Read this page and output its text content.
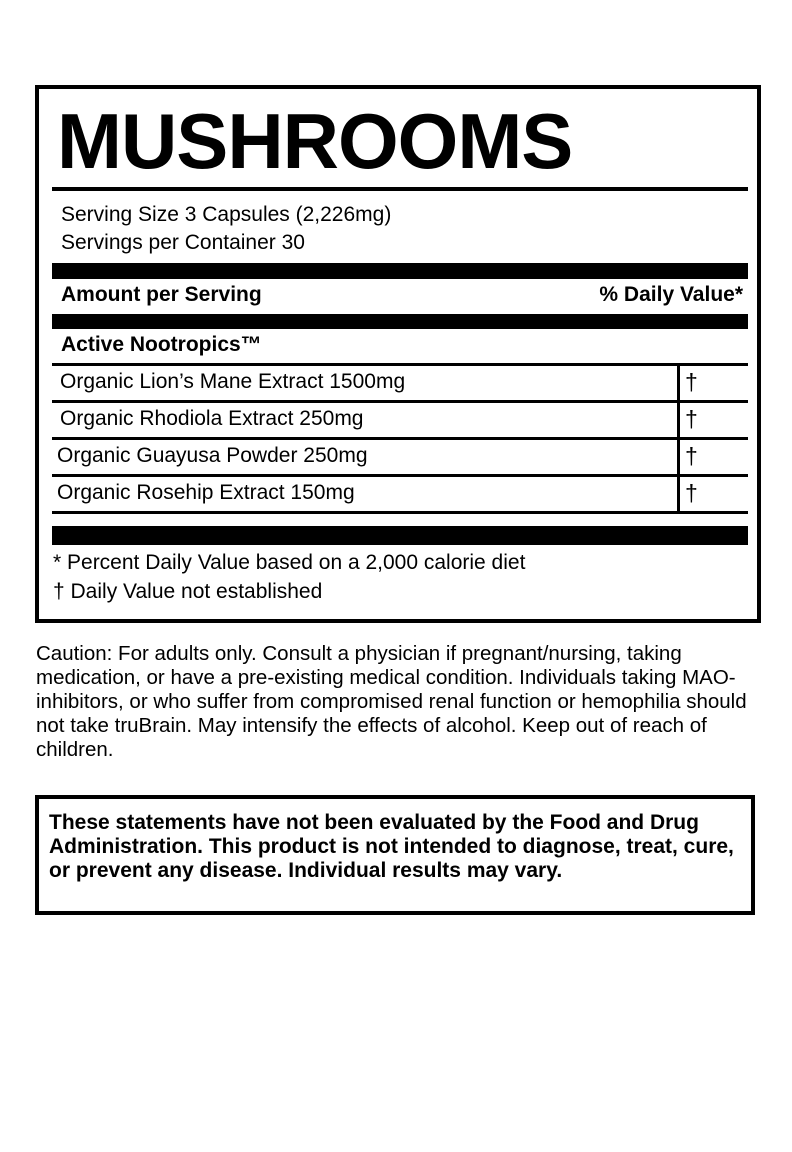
MUSHROOMS
Serving Size 3 Capsules (2,226mg)
Servings per Container 30
Amount per Serving	% Daily Value*
Active Nootropics™
Organic Lion’s Mane Extract 1500mg	†
Organic Rhodiola Extract 250mg	†
Organic Guayusa Powder 250mg	†
Organic Rosehip Extract 150mg	†
* Percent Daily Value based on a 2,000 calorie diet
† Daily Value not established

Caution: For adults only. Consult a physician if pregnant/nursing, taking medication, or have a pre-existing medical condition. Individuals taking MAO-inhibitors, or who suffer from compromised renal function or hemophilia should not take truBrain. May intensify the effects of alcohol. Keep out of reach of children.

These statements have not been evaluated by the Food and Drug Administration. This product is not intended to diagnose, treat, cure, or prevent any disease. Individual results may vary.
